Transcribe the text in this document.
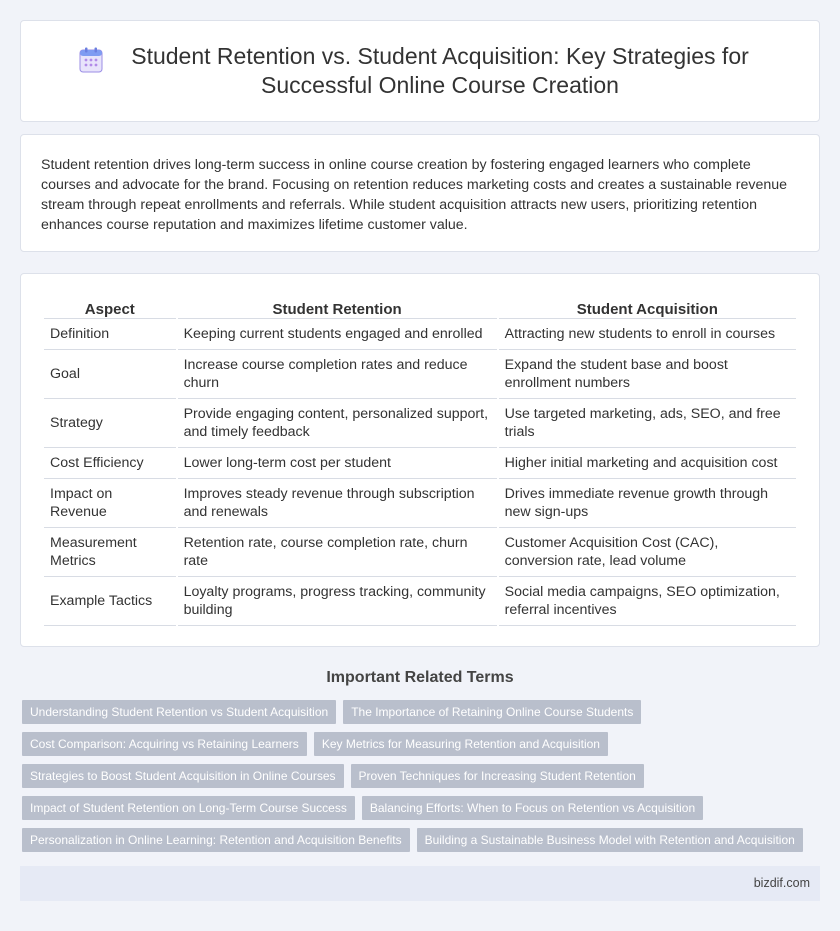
Student Retention vs. Student Acquisition: Key Strategies for Successful Online Course Creation

Student retention drives long-term success in online course creation by fostering engaged learners who complete courses and advocate for the brand. Focusing on retention reduces marketing costs and creates a sustainable revenue stream through repeat enrollments and referrals. While student acquisition attracts new users, prioritizing retention enhances course reputation and maximizes lifetime customer value.

Aspect	Student Retention	Student Acquisition
Definition	Keeping current students engaged and enrolled	Attracting new students to enroll in courses
Goal	Increase course completion rates and reduce churn	Expand the student base and boost enrollment numbers
Strategy	Provide engaging content, personalized support, and timely feedback	Use targeted marketing, ads, SEO, and free trials
Cost Efficiency	Lower long-term cost per student	Higher initial marketing and acquisition cost
Impact on Revenue	Improves steady revenue through subscription and renewals	Drives immediate revenue growth through new sign-ups
Measurement Metrics	Retention rate, course completion rate, churn rate	Customer Acquisition Cost (CAC), conversion rate, lead volume
Example Tactics	Loyalty programs, progress tracking, community building	Social media campaigns, SEO optimization, referral incentives
Important Related Terms
Understanding Student Retention vs Student Acquisition	The Importance of Retaining Online Course Students
Cost Comparison: Acquiring vs Retaining Learners	Key Metrics for Measuring Retention and Acquisition
Strategies to Boost Student Acquisition in Online Courses	Proven Techniques for Increasing Student Retention
Impact of Student Retention on Long-Term Course Success	Balancing Efforts: When to Focus on Retention vs Acquisition
Personalization in Online Learning: Retention and Acquisition Benefits	Building a Sustainable Business Model with Retention and Acquisition
bizdif.com
